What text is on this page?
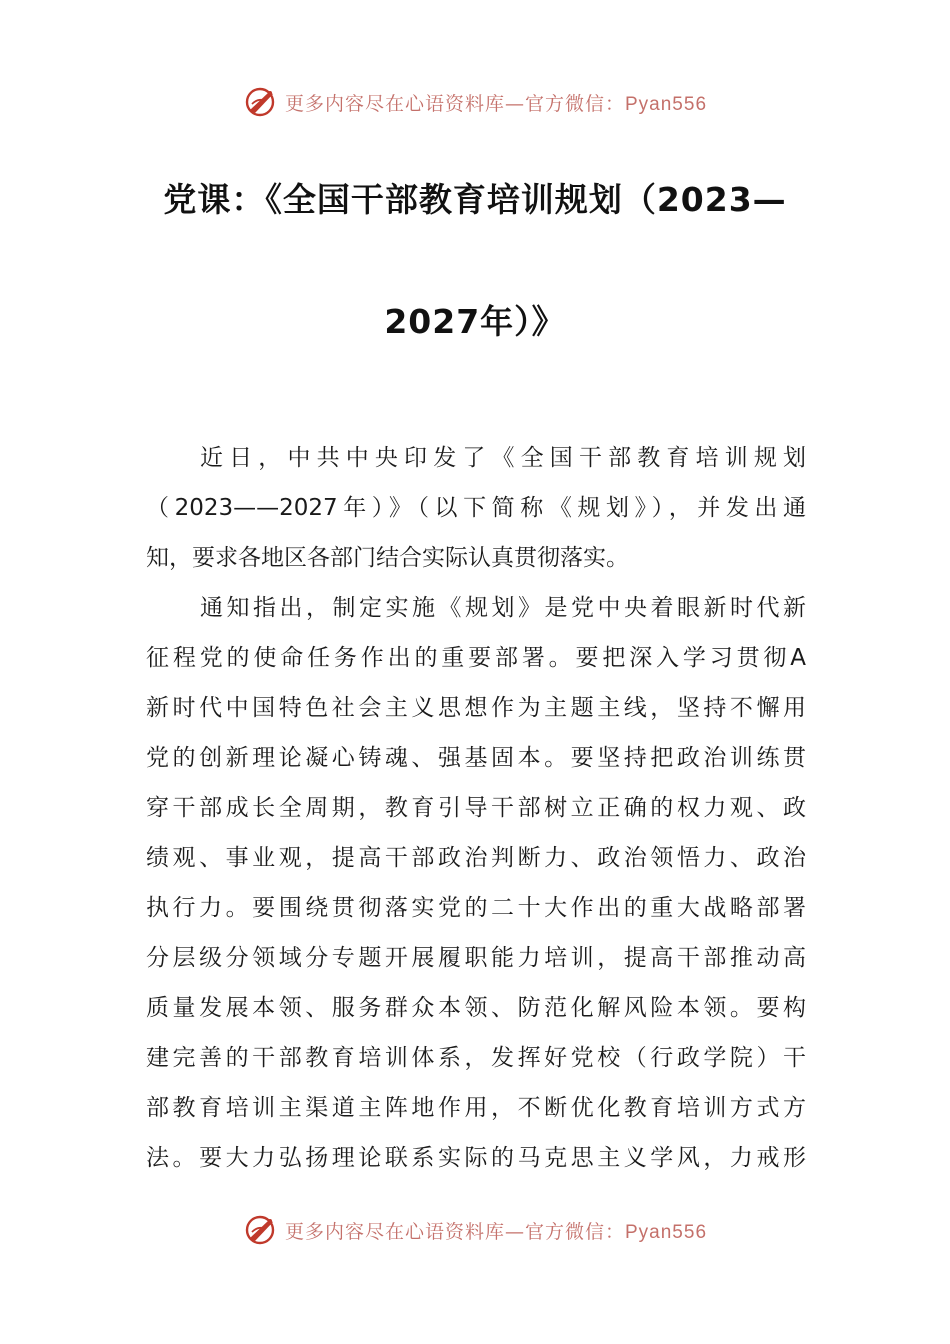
更多内容尽在心语资料库—官方微信：Pyan556
党课：《全国干部教育培训规划（2023—
2027年）》
近日，中共中央印发了《全国干部教育培训规划
（2023——2027年）》（以下简称《规划》），并发出通
知，要求各地区各部门结合实际认真贯彻落实。
通知指出，制定实施《规划》是党中央着眼新时代新
征程党的使命任务作出的重要部署。要把深入学习贯彻A
新时代中国特色社会主义思想作为主题主线，坚持不懈用
党的创新理论凝心铸魂、强基固本。要坚持把政治训练贯
穿干部成长全周期，教育引导干部树立正确的权力观、政
绩观、事业观，提高干部政治判断力、政治领悟力、政治
执行力。要围绕贯彻落实党的二十大作出的重大战略部署
分层级分领域分专题开展履职能力培训，提高干部推动高
质量发展本领、服务群众本领、防范化解风险本领。要构
建完善的干部教育培训体系，发挥好党校（行政学院）干
部教育培训主渠道主阵地作用，不断优化教育培训方式方
法。要大力弘扬理论联系实际的马克思主义学风，力戒形
更多内容尽在心语资料库—官方微信：Pyan556
